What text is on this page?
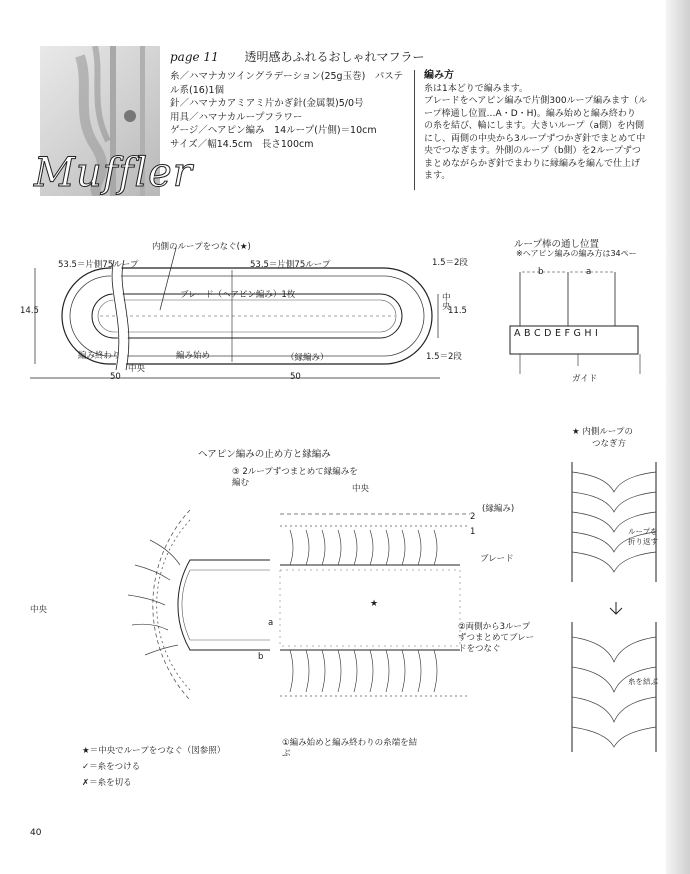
Muffler
page 11 透明感あふれるおしゃれマフラー
糸／ハマナカツイングラデーション(25g玉巻)　パステル系(16)1個
針／ハマナカアミアミ片かぎ針(金属製)5/0号
用具／ハマナカループフラワー
ゲージ／ヘアピン編み　14ループ(片側)＝10cm
サイズ／幅14.5cm　長さ100cm
編み方
糸は1本どりで編みます。
ブレードをヘアピン編みで片側300ループ編みます（ル
ープ棒通し位置…A・D・H)。編み始めと編み終わり
の糸を結び、輪にします。大きいループ（a側）を内側
にし、両側の中央から3ループずつかぎ針でまとめて中
央でつなぎます。外側のループ（b側）を2ループずつ
まとめながらかぎ針でまわりに縁編みを編んで仕上げ
ます。
内側のループをつなぐ(★)
53.5＝片側75ループ	53.5＝片側75ループ	1.5＝2段
1.5＝2段
14.5	11.5
中央
ブレード（ヘアピン編み）1枚
編み終わり	編み始め	（縁編み）
中央
50	50
ループ棒の通し位置
※ヘアピン編みの編み方は34ペー
b	a
A B C D E F G H I
ガイド
ヘアピン編みの止め方と縁編み
★
③ 2ループずつまとめて縁編みを編む
中央
中央
(縁編み)
2
1
ブレード
②両側から3ループずつまとめてブレードをつなぐ
①編み始めと編み終わりの糸端を結ぶ
a
b
★＝中央でループをつなぐ（図参照）
✓＝糸をつける
✗＝糸を切る
★ 内側ループの
つなぎ方
ループを
折り返す
糸を結ぶ
40
